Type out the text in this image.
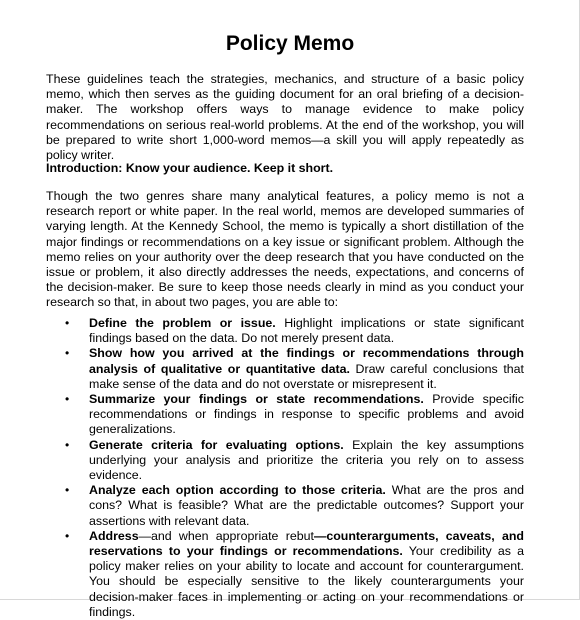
Policy Memo
These guidelines teach the strategies, mechanics, and structure of a basic policy memo, which then serves as the guiding document for an oral briefing of a decision-maker. The workshop offers ways to manage evidence to make policy recommendations on serious real-world problems. At the end of the workshop, you will be prepared to write short 1,000-word memos—a skill you will apply repeatedly as policy writer.
Introduction: Know your audience. Keep it short.
Though the two genres share many analytical features, a policy memo is not a research report or white paper. In the real world, memos are developed summaries of varying length. At the Kennedy School, the memo is typically a short distillation of the major findings or recommendations on a key issue or significant problem. Although the memo relies on your authority over the deep research that you have conducted on the issue or problem, it also directly addresses the needs, expectations, and concerns of the decision-maker. Be sure to keep those needs clearly in mind as you conduct your research so that, in about two pages, you are able to:
• Define the problem or issue. Highlight implications or state significant findings based on the data. Do not merely present data.
• Show how you arrived at the findings or recommendations through analysis of qualitative or quantitative data. Draw careful conclusions that make sense of the data and do not overstate or misrepresent it.
• Summarize your findings or state recommendations. Provide specific recommendations or findings in response to specific problems and avoid generalizations.
• Generate criteria for evaluating options. Explain the key assumptions underlying your analysis and prioritize the criteria you rely on to assess evidence.
• Analyze each option according to those criteria. What are the pros and cons? What is feasible? What are the predictable outcomes? Support your assertions with relevant data.
• Address—and when appropriate rebut—counterarguments, caveats, and reservations to your findings or recommendations. Your credibility as a policy maker relies on your ability to locate and account for counterargument. You should be especially sensitive to the likely counterarguments your decision-maker faces in implementing or acting on your recommendations or findings.
